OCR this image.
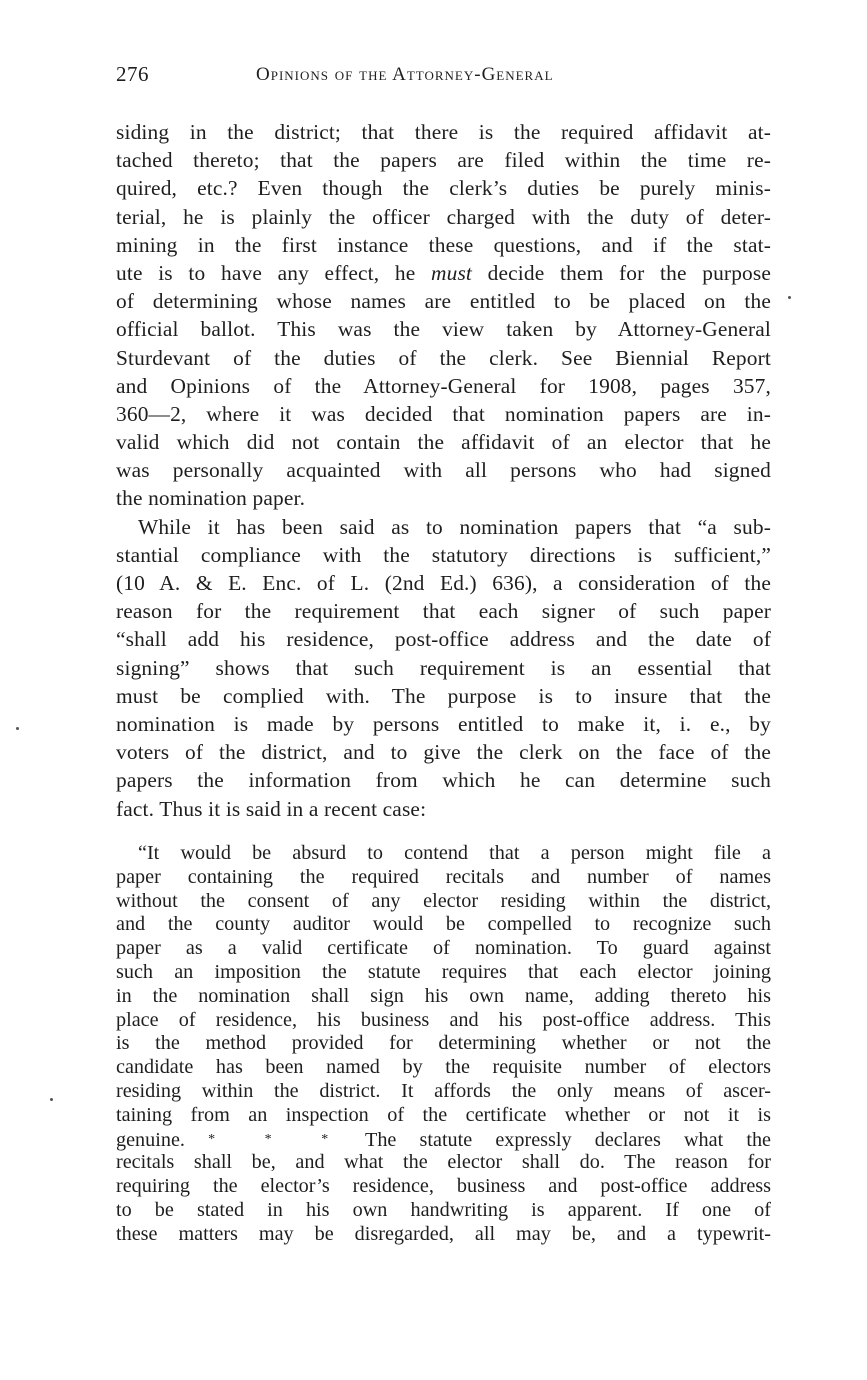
276	Opinions of the Attorney-General
siding in the district; that there is the required affidavit at-
tached thereto; that the papers are filed within the time re-
quired, etc.? Even though the clerk’s duties be purely minis-
terial, he is plainly the officer charged with the duty of deter-
mining in the first instance these questions, and if the stat-
ute is to have any effect, he must decide them for the purpose
of determining whose names are entitled to be placed on the
official ballot. This was the view taken by Attorney-General
Sturdevant of the duties of the clerk. See Biennial Report
and Opinions of the Attorney-General for 1908, pages 357,
360—2, where it was decided that nomination papers are in-
valid which did not contain the affidavit of an elector that he
was personally acquainted with all persons who had signed
the nomination paper.
While it has been said as to nomination papers that “a sub-
stantial compliance with the statutory directions is sufficient,”
(10 A. & E. Enc. of L. (2nd Ed.) 636), a consideration of the
reason for the requirement that each signer of such paper
“shall add his residence, post-office address and the date of
signing” shows that such requirement is an essential that
must be complied with. The purpose is to insure that the
nomination is made by persons entitled to make it, i. e., by
voters of the district, and to give the clerk on the face of the
papers the information from which he can determine such
fact. Thus it is said in a recent case:
“It would be absurd to contend that a person might file a
paper containing the required recitals and number of names
without the consent of any elector residing within the district,
and the county auditor would be compelled to recognize such
paper as a valid certificate of nomination. To guard against
such an imposition the statute requires that each elector joining
in the nomination shall sign his own name, adding thereto his
place of residence, his business and his post-office address. This
is the method provided for determining whether or not the
candidate has been named by the requisite number of electors
residing within the district. It affords the only means of ascer-
taining from an inspection of the certificate whether or not it is
genuine. * * * The statute expressly declares what the
recitals shall be, and what the elector shall do. The reason for
requiring the elector’s residence, business and post-office address
to be stated in his own handwriting is apparent. If one of
these matters may be disregarded, all may be, and a typewrit-
